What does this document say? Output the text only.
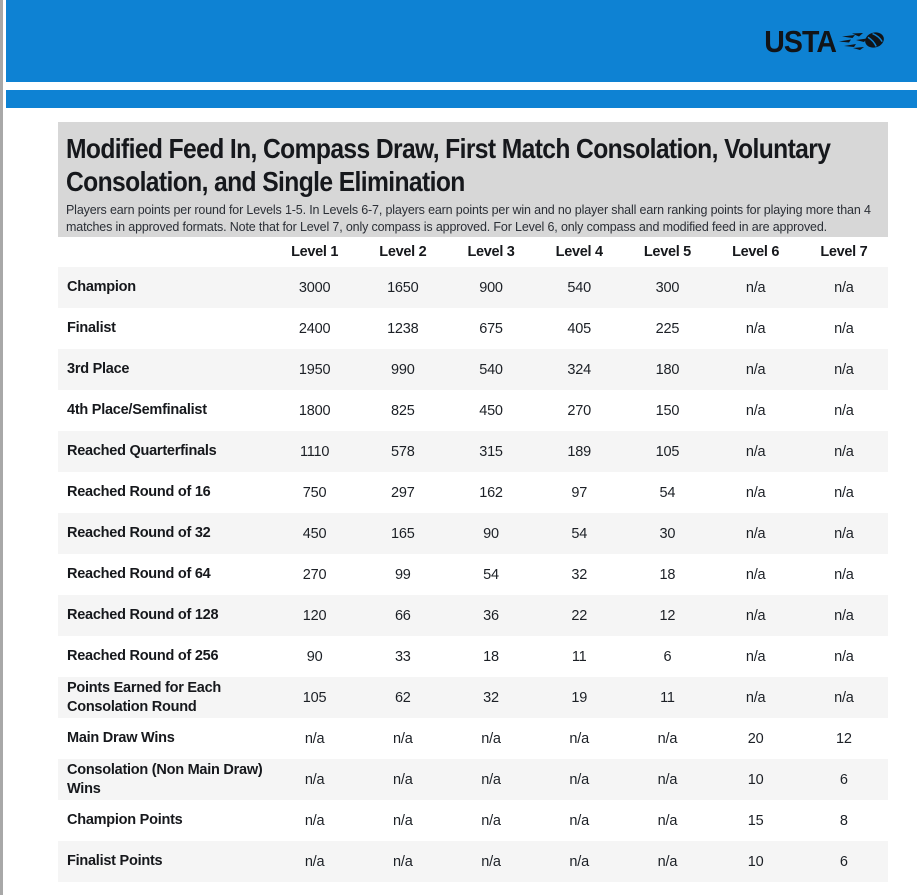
USTA
Modified Feed In, Compass Draw, First Match Consolation, Voluntary Consolation, and Single Elimination

Players earn points per round for Levels 1-5. In Levels 6-7, players earn points per win and no player shall earn ranking points for playing more than 4 matches in approved formats. Note that for Level 7, only compass is approved. For Level 6, only compass and modified feed in are approved.

	Level 1	Level 2	Level 3	Level 4	Level 5	Level 6	Level 7
Champion	3000	1650	900	540	300	n/a	n/a
Finalist	2400	1238	675	405	225	n/a	n/a
3rd Place	1950	990	540	324	180	n/a	n/a
4th Place/Semfinalist	1800	825	450	270	150	n/a	n/a
Reached Quarterfinals	1110	578	315	189	105	n/a	n/a
Reached Round of 16	750	297	162	97	54	n/a	n/a
Reached Round of 32	450	165	90	54	30	n/a	n/a
Reached Round of 64	270	99	54	32	18	n/a	n/a
Reached Round of 128	120	66	36	22	12	n/a	n/a
Reached Round of 256	90	33	18	11	6	n/a	n/a
Points Earned for Each Consolation Round	105	62	32	19	11	n/a	n/a
Main Draw Wins	n/a	n/a	n/a	n/a	n/a	20	12
Consolation (Non Main Draw) Wins	n/a	n/a	n/a	n/a	n/a	10	6
Champion Points	n/a	n/a	n/a	n/a	n/a	15	8
Finalist Points	n/a	n/a	n/a	n/a	n/a	10	6
